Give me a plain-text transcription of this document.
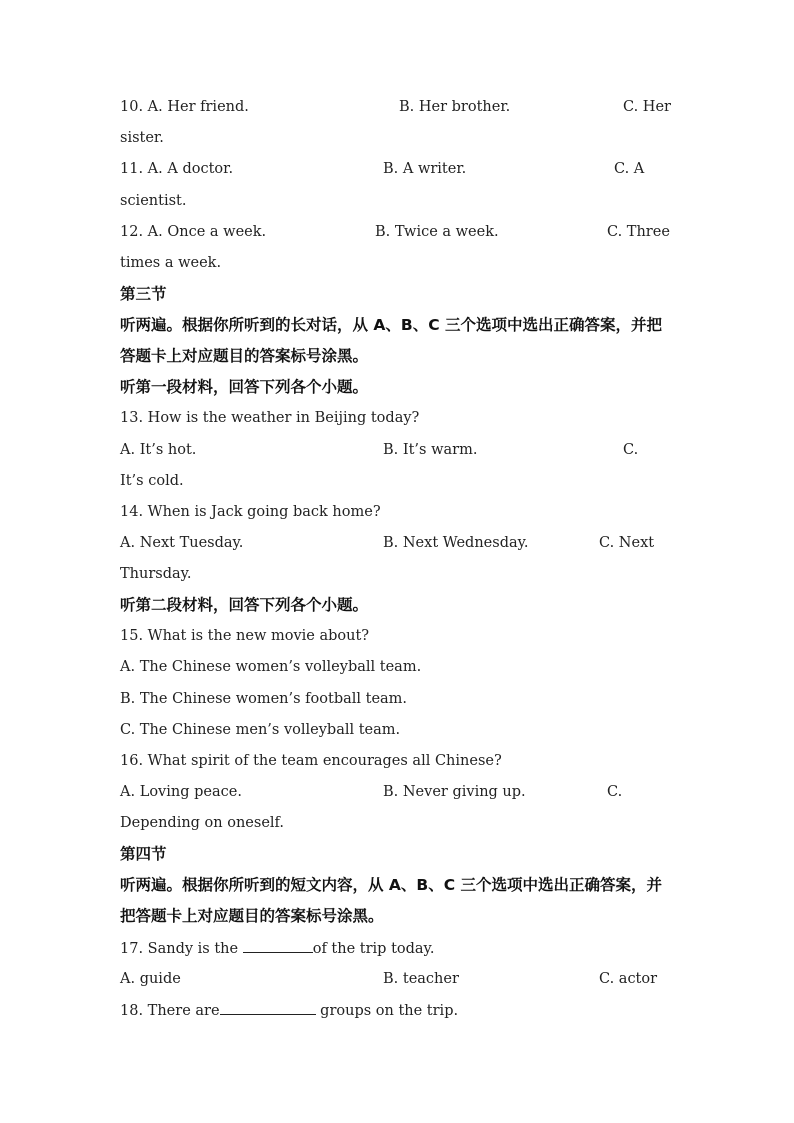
10. A. Her friend.

	B. Her brother.

	C. Her

sister.

11. A. A doctor.

	B. A writer.

	C. A

scientist.

12. A. Once a week.

	B. Twice a week.

	C. Three

times a week.
第三节
听两遍。根据你所听到的长对话，从 A、B、C 三个选项中选出正确答案，并把
答题卡上对应题目的答案标号涂黑。
听第一段材料，回答下列各个小题。
13. How is the weather in Beijing today?

A. It’s hot.

	B. It’s warm.

	C.

It’s cold.
14. When is Jack going back home?

A. Next Tuesday.

	B. Next Wednesday.

	C. Next

Thursday.
听第二段材料，回答下列各个小题。
15. What is the new movie about?
A. The Chinese women’s volleyball team.
B. The Chinese women’s football team.
C. The Chinese men’s volleyball team.
16. What spirit of the team encourages all Chinese?

A. Loving peace.

	B. Never giving up.

	C.

Depending on oneself.
第四节
听两遍。根据你所听到的短文内容，从 A、B、C 三个选项中选出正确答案，并
把答题卡上对应题目的答案标号涂黑。
17. Sandy is the	of the trip today.

A. guide

	B. teacher

	C. actor

18. There are	groups on the trip.
